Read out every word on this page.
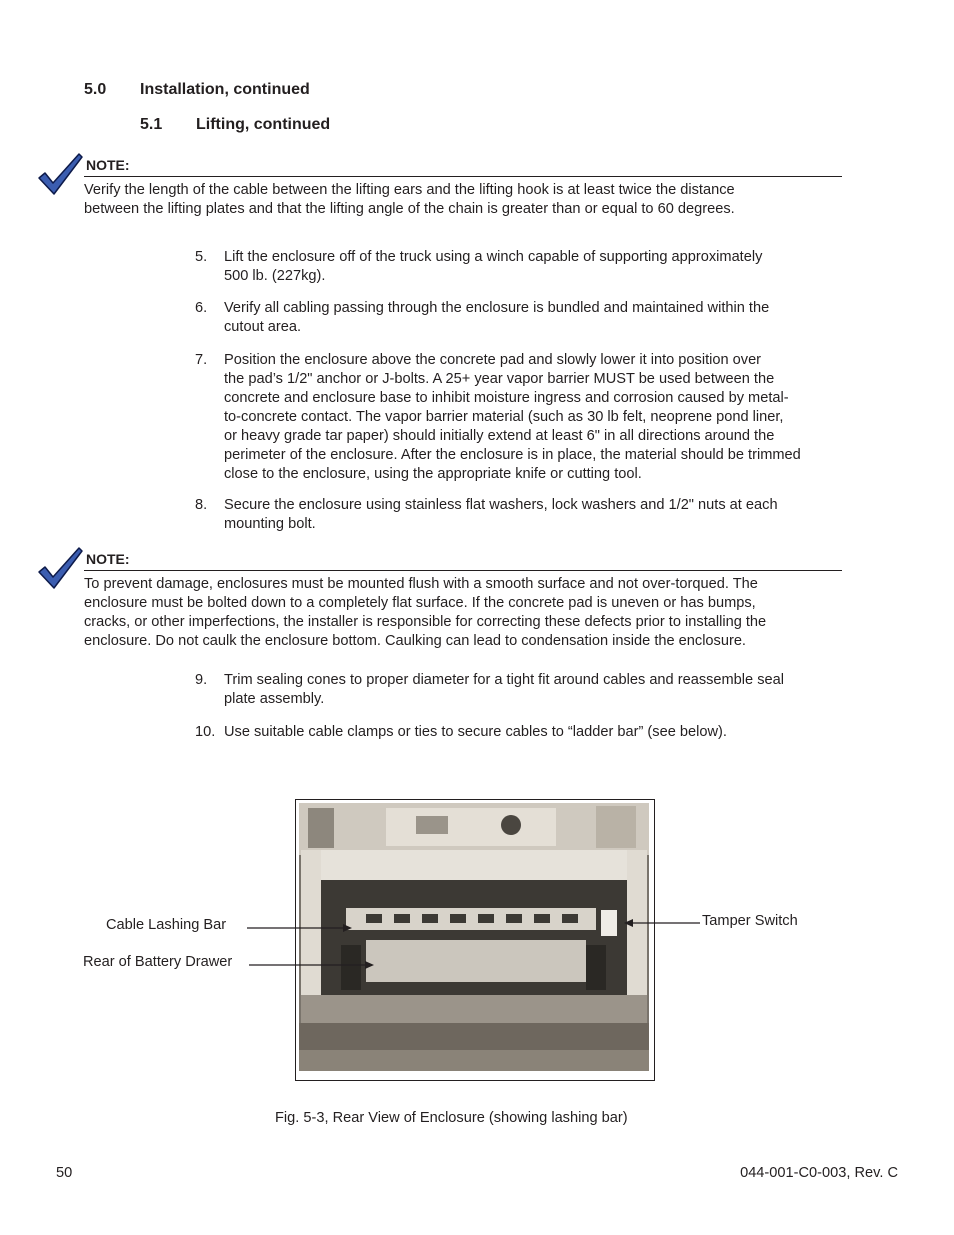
5.0 Installation, continued
5.1 Lifting, continued
NOTE:
Verify the length of the cable between the lifting ears and the lifting hook is at least twice the distance
between the lifting plates and that the lifting angle of the chain is greater than or equal to 60 degrees.
5.	Lift the enclosure off of the truck using a winch capable of supporting approximately
500 lb. (227kg).
6.	Verify all cabling passing through the enclosure is bundled and maintained within the
cutout area.
7.	Position the enclosure above the concrete pad and slowly lower it into position over
the pad’s 1/2" anchor or J-bolts. A 25+ year vapor barrier MUST be used between the
concrete and enclosure base to inhibit moisture ingress and corrosion caused by metal-
to-concrete contact. The vapor barrier material (such as 30 lb felt, neoprene pond liner,
or heavy grade tar paper) should initially extend at least 6" in all directions around the
perimeter of the enclosure. After the enclosure is in place, the material should be trimmed
close to the enclosure, using the appropriate knife or cutting tool.
8.	Secure the enclosure using stainless flat washers, lock washers and 1/2" nuts at each
mounting bolt.
NOTE:
To prevent damage, enclosures must be mounted flush with a smooth surface and not over-torqued. The
enclosure must be bolted down to a completely flat surface. If the concrete pad is uneven or has bumps,
cracks, or other imperfections, the installer is responsible for correcting these defects prior to installing the
enclosure. Do not caulk the enclosure bottom. Caulking can lead to condensation inside the enclosure.
9.	Trim sealing cones to proper diameter for a tight fit around cables and reassemble seal
plate assembly.
10. Use suitable cable clamps or ties to secure cables to “ladder bar” (see below).
Cable Lashing Bar
Rear of Battery Drawer
Tamper Switch
Fig. 5-3, Rear View of Enclosure (showing lashing bar)
50	044-001-C0-003, Rev. C
